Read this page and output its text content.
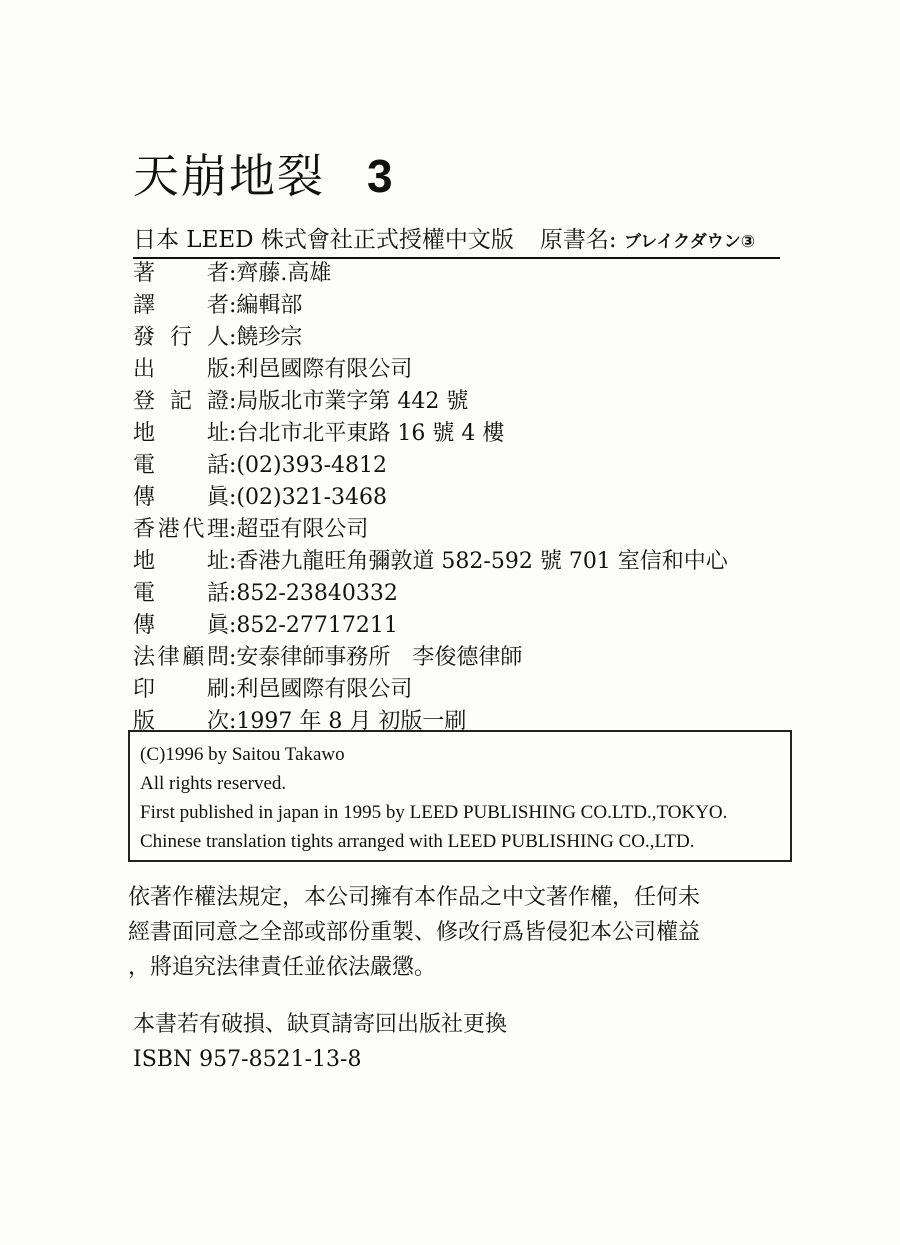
天崩地裂 3
日本 LEED 株式會社正式授權中文版 原書名: ブレイクダウン③
著　者 : 齊藤.高雄
譯　者 : 編輯部
發行人 : 饒珍宗
出　版 : 利邑國際有限公司
登記證 : 局版北市業字第 442 號
地　址 : 台北市北平東路 16 號 4 樓
電　話 : (02)393-4812
傳　眞 : (02)321-3468
香港代理 : 超亞有限公司
地　址 : 香港九龍旺角彌敦道 582-592 號 701 室信和中心
電　話 : 852-23840332
傳　眞 : 852-27717211
法律顧問 : 安泰律師事務所　李俊德律師
印　刷 : 利邑國際有限公司
版　次 : 1997 年 8 月 初版一刷
(C)1996 by Saitou Takawo
All rights reserved.
First published in japan in 1995 by LEED PUBLISHING CO.LTD.,TOKYO.
Chinese translation tights arranged with LEED PUBLISHING CO.,LTD.
依著作權法規定，本公司擁有本作品之中文著作權，任何未
經書面同意之全部或部份重製、修改行爲皆侵犯本公司權益
，將追究法律責任並依法嚴懲。
本書若有破損、缺頁請寄回出版社更換
ISBN 957-8521-13-8
